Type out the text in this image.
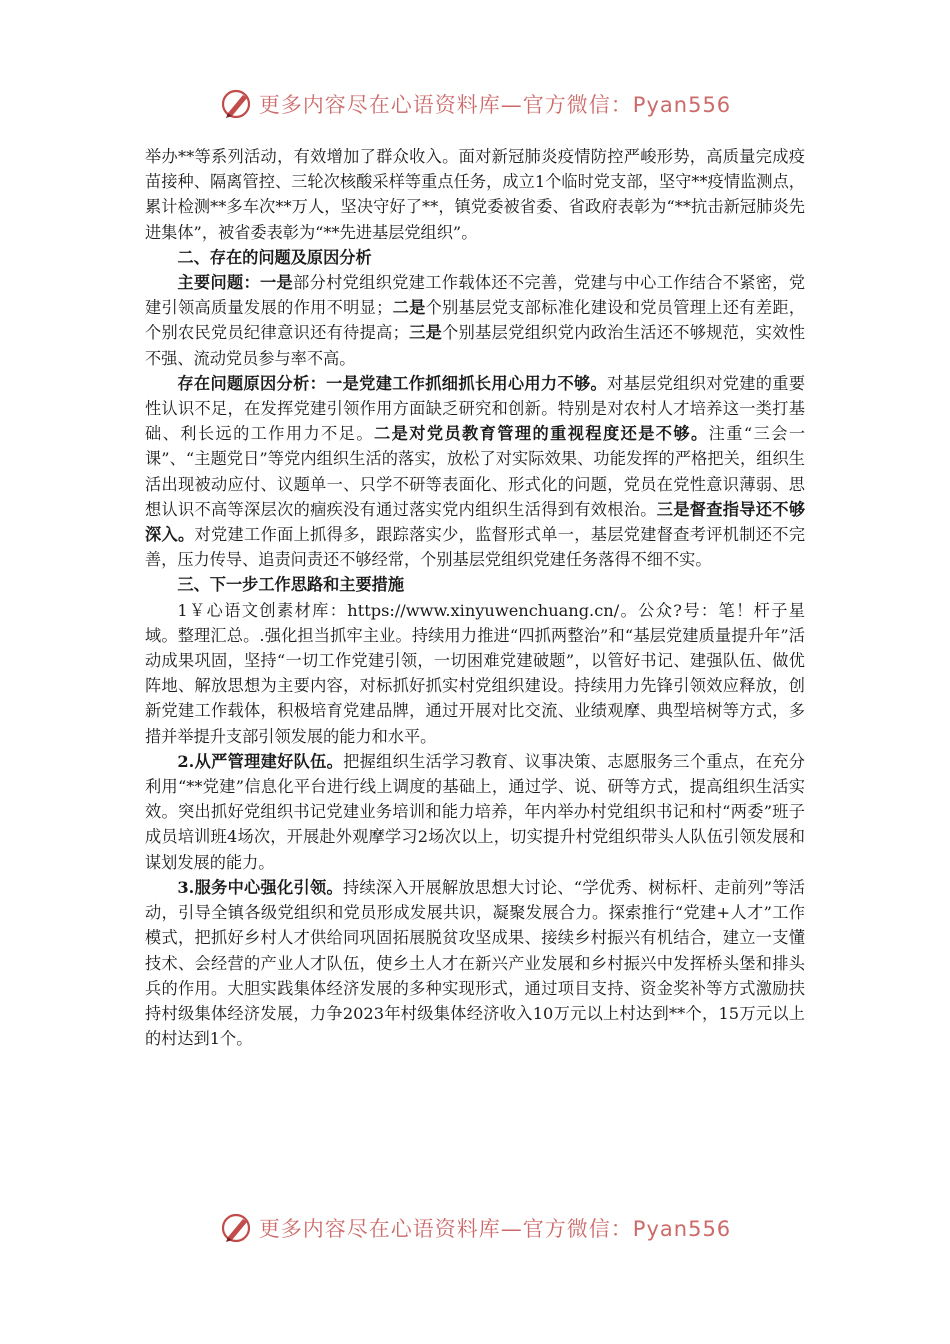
更多内容尽在心语资料库—官方微信：Pyan556

举办**等系列活动，有效增加了群众收入。面对新冠肺炎疫情防控严峻形势，高质量完成疫苗接种、隔离管控、三轮次核酸采样等重点任务，成立1个临时党支部，坚守**疫情监测点，累计检测**多车次**万人，坚决守好了**，镇党委被省委、省政府表彰为“**抗击新冠肺炎先进集体”，被省委表彰为“**先进基层党组织”。

二、存在的问题及原因分析

主要问题：一是部分村党组织党建工作载体还不完善，党建与中心工作结合不紧密，党建引领高质量发展的作用不明显；二是个别基层党支部标准化建设和党员管理上还有差距，个别农民党员纪律意识还有待提高；三是个别基层党组织党内政治生活还不够规范，实效性不强、流动党员参与率不高。

存在问题原因分析：一是党建工作抓细抓长用心用力不够。对基层党组织对党建的重要性认识不足，在发挥党建引领作用方面缺乏研究和创新。特别是对农村人才培养这一类打基础、利长远的工作用力不足。二是对党员教育管理的重视程度还是不够。注重“三会一课”、“主题党日”等党内组织生活的落实，放松了对实际效果、功能发挥的严格把关，组织生活出现被动应付、议题单一、只学不研等表面化、形式化的问题，党员在党性意识薄弱、思想认识不高等深层次的痼疾没有通过落实党内组织生活得到有效根治。三是督查指导还不够深入。对党建工作面上抓得多，跟踪落实少，监督形式单一，基层党建督查考评机制还不完善，压力传导、追责问责还不够经常，个别基层党组织党建任务落得不细不实。

三、下一步工作思路和主要措施

1￥心语文创素材库：https://www.xinyuwenchuang.cn/。公众?号：笔！杆子星域。整理汇总。.强化担当抓牢主业。持续用力推进“四抓两整治”和“基层党建质量提升年”活动成果巩固，坚持“一切工作党建引领，一切困难党建破题”，以管好书记、建强队伍、做优阵地、解放思想为主要内容，对标抓好抓实村党组织建设。持续用力先锋引领效应释放，创新党建工作载体，积极培育党建品牌，通过开展对比交流、业绩观摩、典型培树等方式，多措并举提升支部引领发展的能力和水平。

2.从严管理建好队伍。把握组织生活学习教育、议事决策、志愿服务三个重点，在充分利用“**党建”信息化平台进行线上调度的基础上，通过学、说、研等方式，提高组织生活实效。突出抓好党组织书记党建业务培训和能力培养，年内举办村党组织书记和村“两委”班子成员培训班4场次，开展赴外观摩学习2场次以上，切实提升村党组织带头人队伍引领发展和谋划发展的能力。

3.服务中心强化引领。持续深入开展解放思想大讨论、“学优秀、树标杆、走前列”等活动，引导全镇各级党组织和党员形成发展共识，凝聚发展合力。探索推行“党建+人才”工作模式，把抓好乡村人才供给同巩固拓展脱贫攻坚成果、接续乡村振兴有机结合，建立一支懂技术、会经营的产业人才队伍，使乡土人才在新兴产业发展和乡村振兴中发挥桥头堡和排头兵的作用。大胆实践集体经济发展的多种实现形式，通过项目支持、资金奖补等方式激励扶持村级集体经济发展，力争2023年村级集体经济收入10万元以上村达到**个，15万元以上的村达到1个。

更多内容尽在心语资料库—官方微信：Pyan556
